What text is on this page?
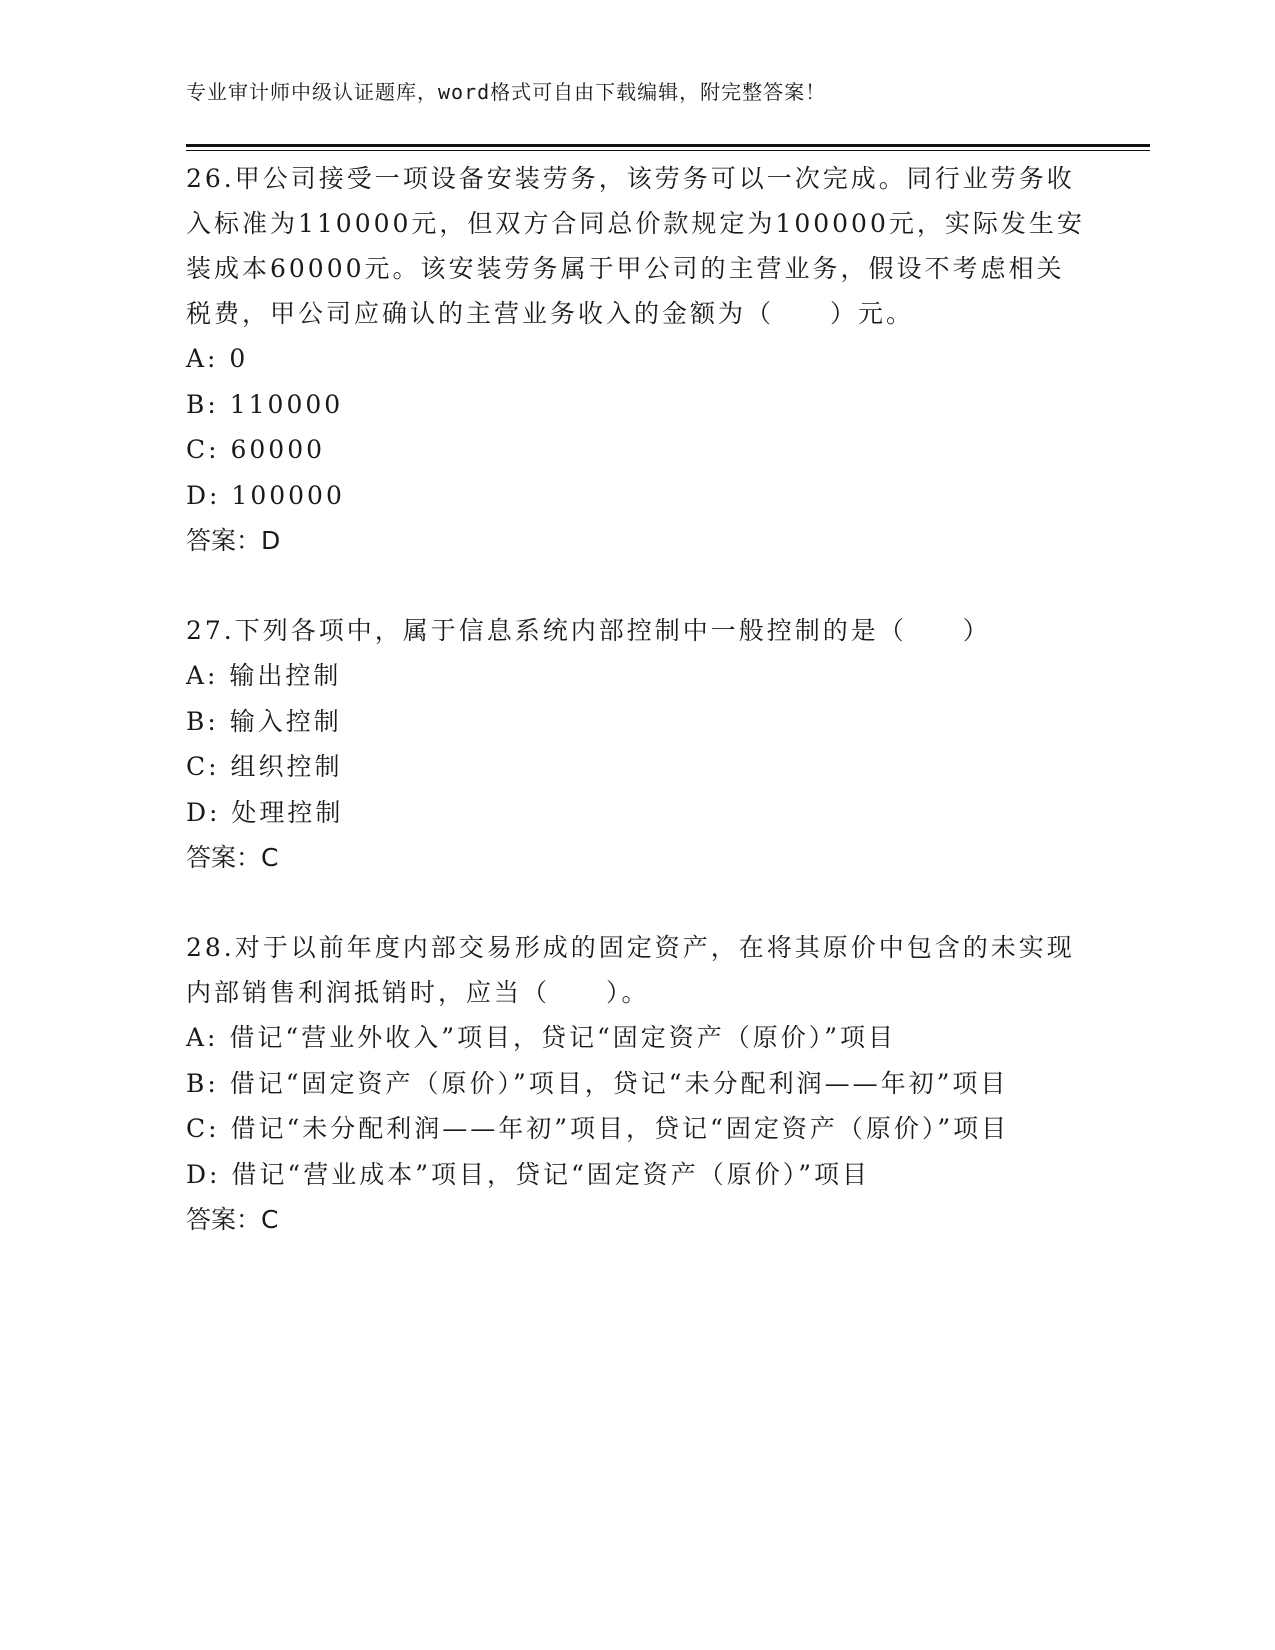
专业审计师中级认证题库，word格式可自由下载编辑，附完整答案！

26.甲公司接受一项设备安装劳务，该劳务可以一次完成。同行业劳务收入标准为110000元，但双方合同总价款规定为100000元，实际发生安装成本60000元。该安装劳务属于甲公司的主营业务，假设不考虑相关税费，甲公司应确认的主营业务收入的金额为（　　）元。

A: 0

B: 110000

C: 60000

D: 100000

答案：D

27.下列各项中，属于信息系统内部控制中一般控制的是（　　）

A: 输出控制

B: 输入控制

C: 组织控制

D: 处理控制

答案：C

28.对于以前年度内部交易形成的固定资产，在将其原价中包含的未实现内部销售利润抵销时，应当（　　）。

A: 借记“营业外收入”项目，贷记“固定资产（原价）”项目

B: 借记“固定资产（原价）”项目，贷记“未分配利润——年初”项目

C: 借记“未分配利润——年初”项目，贷记“固定资产（原价）”项目

D: 借记“营业成本”项目，贷记“固定资产（原价）”项目

答案：C
